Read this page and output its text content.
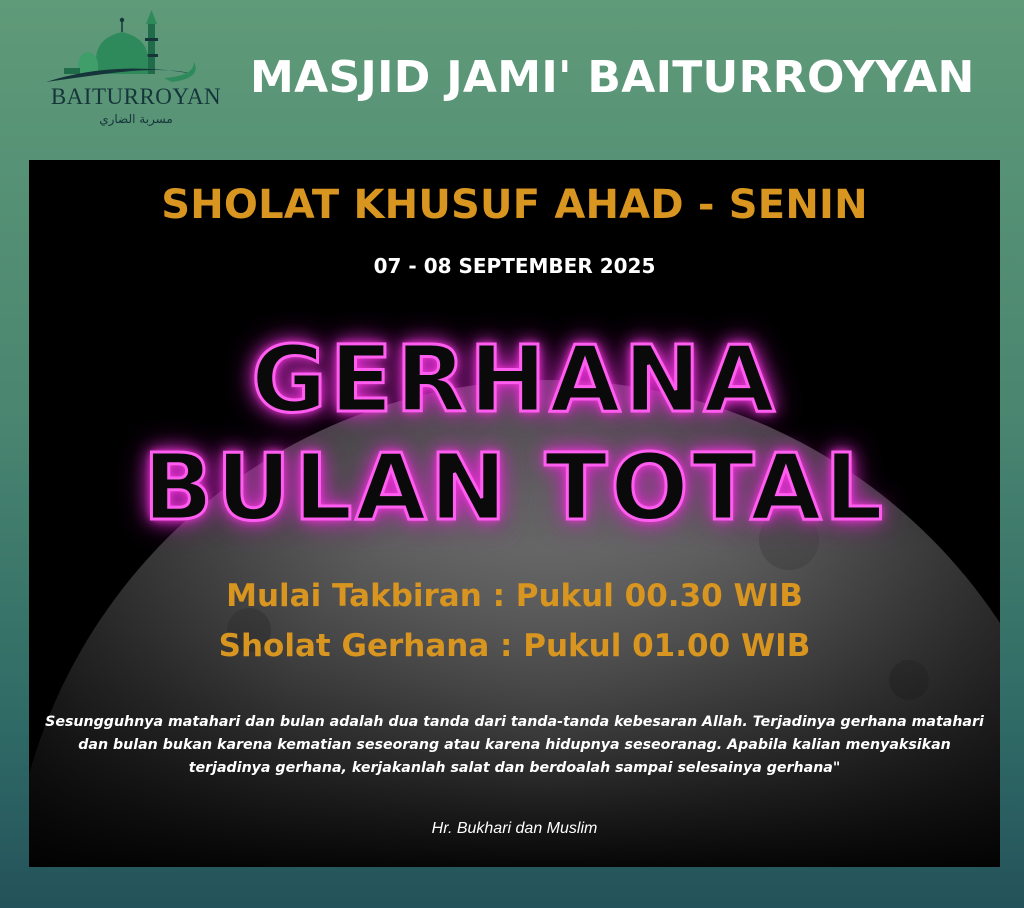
BAITURROYAN
مسربة الضاري
MASJID JAMI' BAITURROYYAN
SHOLAT KHUSUF AHAD - SENIN
07 - 08 SEPTEMBER 2025
GERHANA
BULAN TOTAL
Mulai Takbiran : Pukul 00.30 WIB
Sholat Gerhana : Pukul 01.00 WIB
Sesungguhnya matahari dan bulan adalah dua tanda dari tanda-tanda kebesaran Allah. Terjadinya gerhana matahari dan bulan bukan karena kematian seseorang atau karena hidupnya seseoranag. Apabila kalian menyaksikan terjadinya gerhana, kerjakanlah salat dan berdoalah sampai selesainya gerhana"
Hr. Bukhari dan Muslim
